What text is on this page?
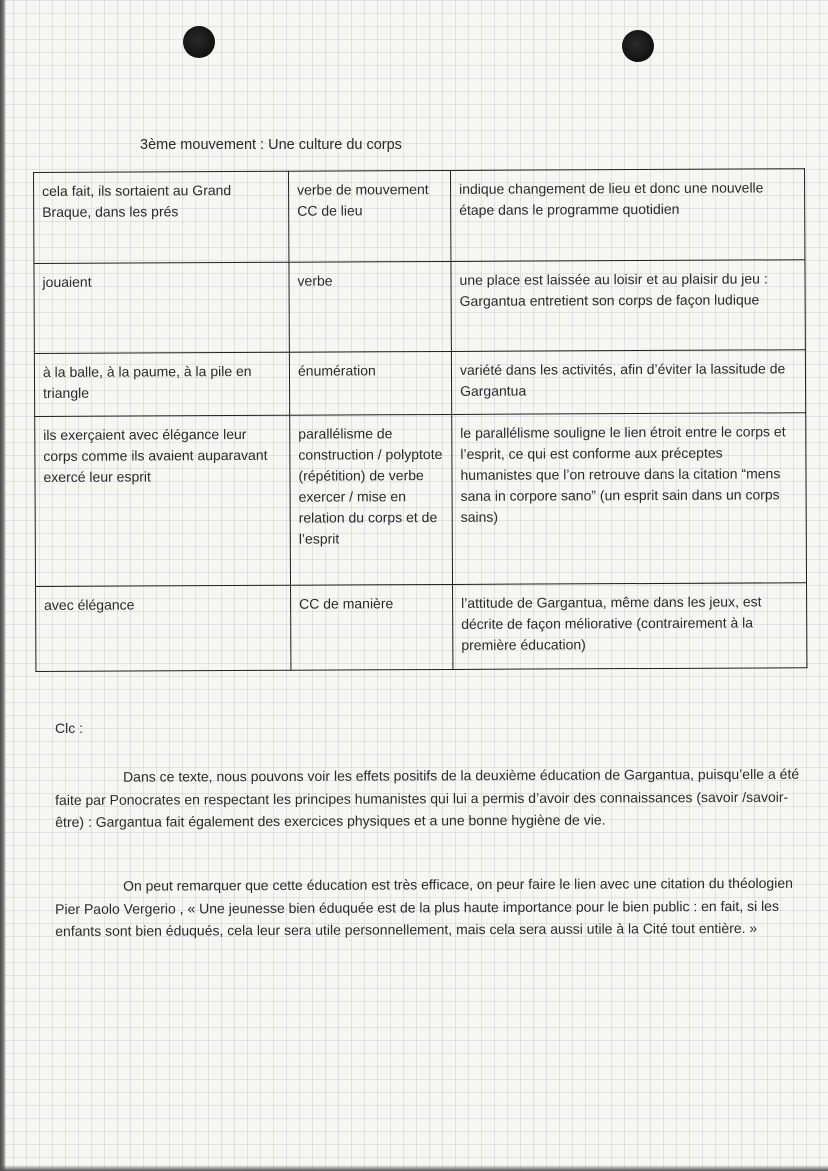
3ème mouvement : Une culture du corps
cela fait, ils sortaient au Grand Braque, dans les prés	verbe de mouvement CC de lieu	indique changement de lieu et donc une nouvelle étape dans le programme quotidien
jouaient	verbe	une place est laissée au loisir et au plaisir du jeu : Gargantua entretient son corps de façon ludique
à la balle, à la paume, à la pile en triangle	énumération	variété dans les activités, afin d’éviter la lassitude de Gargantua
ils exerçaient avec élégance leur corps comme ils avaient auparavant exercé leur esprit	parallélisme de construction / polyptote (répétition) de verbe exercer / mise en relation du corps et de l’esprit	le parallélisme souligne le lien étroit entre le corps et l’esprit, ce qui est conforme aux préceptes humanistes que l’on retrouve dans la citation “mens sana in corpore sano” (un esprit sain dans un corps sains)
avec élégance	CC de manière	l’attitude de Gargantua, même dans les jeux, est décrite de façon méliorative (contrairement à la première éducation)

Clc :

Dans ce texte, nous pouvons voir les effets positifs de la deuxième éducation de Gargantua, puisqu’elle a été faite par Ponocrates en respectant les principes humanistes qui lui a permis d’avoir des connaissances (savoir /savoir-être) : Gargantua fait également des exercices physiques et a une bonne hygiène de vie.

On peut remarquer que cette éducation est très efficace, on peur faire le lien avec une citation du théologien Pier Paolo Vergerio , « Une jeunesse bien éduquée est de la plus haute importance pour le bien public : en fait, si les enfants sont bien éduqués, cela leur sera utile personnellement, mais cela sera aussi utile à la Cité tout entière. »
